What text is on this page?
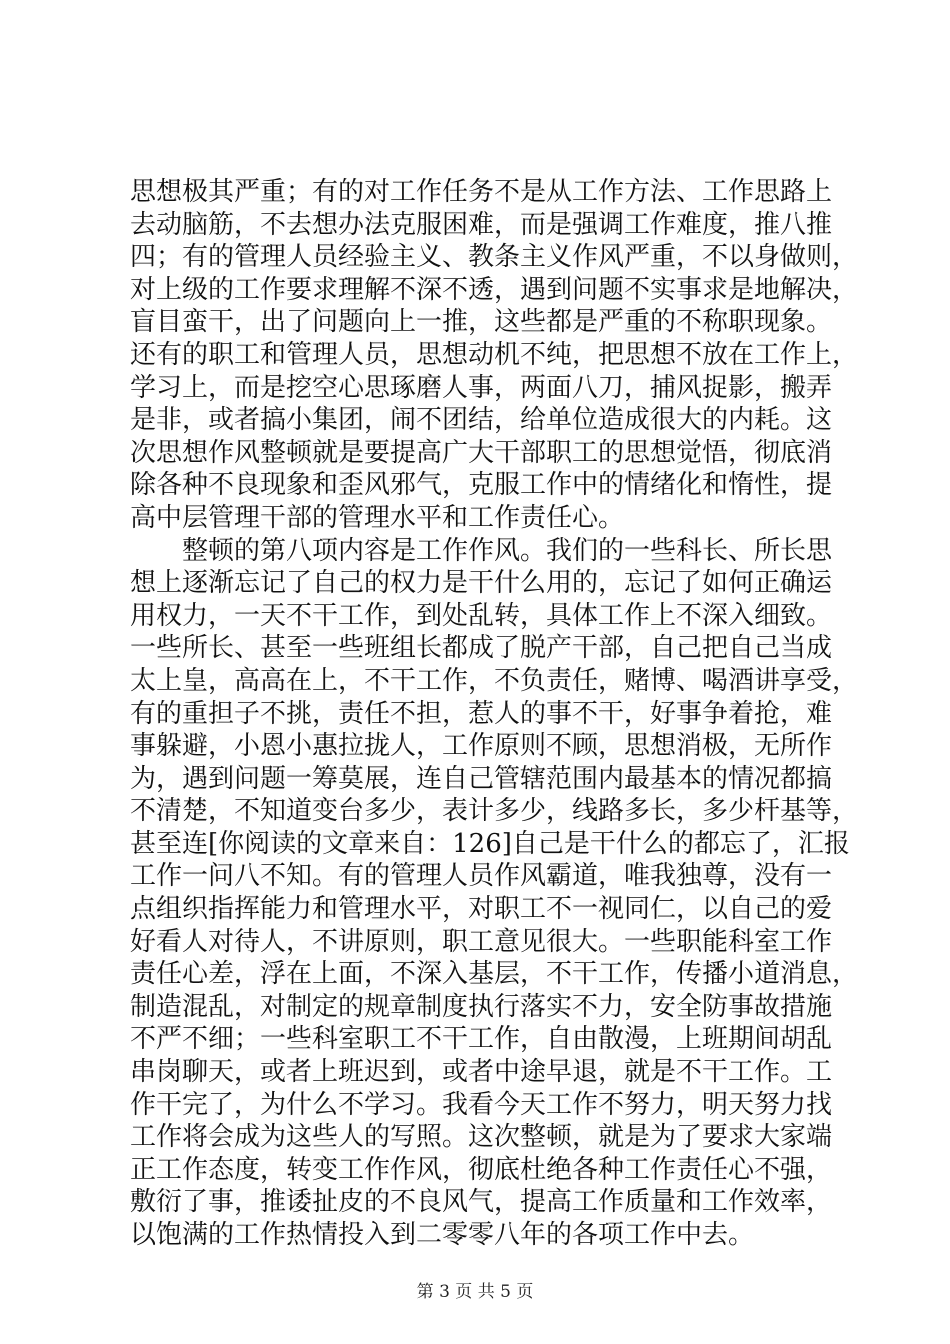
思想极其严重；有的对工作任务不是从工作方法、工作思路上
去动脑筋，不去想办法克服困难，而是强调工作难度，推八推
四；有的管理人员经验主义、教条主义作风严重，不以身做则，
对上级的工作要求理解不深不透，遇到问题不实事求是地解决，
盲目蛮干，出了问题向上一推，这些都是严重的不称职现象。
还有的职工和管理人员，思想动机不纯，把思想不放在工作上，
学习上，而是挖空心思琢磨人事，两面八刀，捕风捉影，搬弄
是非，或者搞小集团，闹不团结，给单位造成很大的内耗。这
次思想作风整顿就是要提高广大干部职工的思想觉悟，彻底消
除各种不良现象和歪风邪气，克服工作中的情绪化和惰性，提
高中层管理干部的管理水平和工作责任心。
　　整顿的第八项内容是工作作风。我们的一些科长、所长思
想上逐渐忘记了自己的权力是干什么用的，忘记了如何正确运
用权力，一天不干工作，到处乱转，具体工作上不深入细致。
一些所长、甚至一些班组长都成了脱产干部，自己把自己当成
太上皇，高高在上，不干工作，不负责任，赌博、喝酒讲享受，
有的重担子不挑，责任不担，惹人的事不干，好事争着抢，难
事躲避，小恩小惠拉拢人，工作原则不顾，思想消极，无所作
为，遇到问题一筹莫展，连自己管辖范围内最基本的情况都搞
不清楚，不知道变台多少，表计多少，线路多长，多少杆基等，
甚至连[你阅读的文章来自：126]自己是干什么的都忘了，汇报
工作一问八不知。有的管理人员作风霸道，唯我独尊，没有一
点组织指挥能力和管理水平，对职工不一视同仁，以自己的爱
好看人对待人，不讲原则，职工意见很大。一些职能科室工作
责任心差，浮在上面，不深入基层，不干工作，传播小道消息，
制造混乱，对制定的规章制度执行落实不力，安全防事故措施
不严不细；一些科室职工不干工作，自由散漫，上班期间胡乱
串岗聊天，或者上班迟到，或者中途早退，就是不干工作。工
作干完了，为什么不学习。我看今天工作不努力，明天努力找
工作将会成为这些人的写照。这次整顿，就是为了要求大家端
正工作态度，转变工作作风，彻底杜绝各种工作责任心不强，
敷衍了事，推诿扯皮的不良风气，提高工作质量和工作效率，
以饱满的工作热情投入到二零零八年的各项工作中去。
第 3 页 共 5 页
